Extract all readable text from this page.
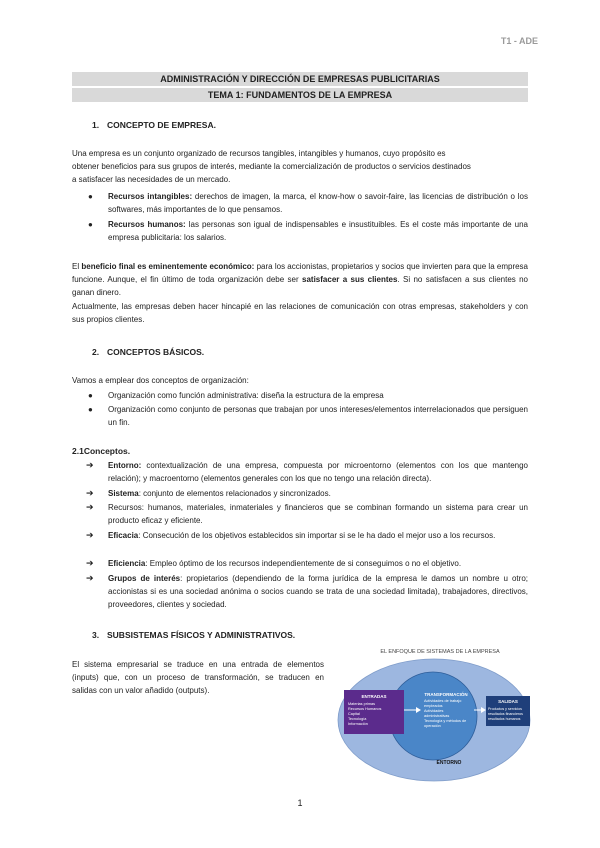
T1 - ADE
ADMINISTRACIÓN Y DIRECCIÓN DE EMPRESAS PUBLICITARIAS
TEMA 1: FUNDAMENTOS DE LA EMPRESA
1. CONCEPTO DE EMPRESA.
Una empresa es un conjunto organizado de recursos tangibles, intangibles y humanos, cuyo propósito es
obtener beneficios para sus grupos de interés, mediante la comercialización de productos o servicios destinados
a satisfacer las necesidades de un mercado.
● Recursos intangibles: derechos de imagen, la marca, el know-how o savoir-faire, las licencias de distribución o los softwares, más importantes de lo que pensamos.
● Recursos humanos: las personas son igual de indispensables e insustituibles. Es el coste más importante de una empresa publicitaria: los salarios.
El beneficio final es eminentemente económico: para los accionistas, propietarios y socios que invierten para que la empresa funcione. Aunque, el fin último de toda organización debe ser satisfacer a sus clientes. Si no satisfacen a sus clientes no ganan dinero.
Actualmente, las empresas deben hacer hincapié en las relaciones de comunicación con otras empresas, stakeholders y con sus propios clientes.
2. CONCEPTOS BÁSICOS.
Vamos a emplear dos conceptos de organización:
● Organización como función administrativa: diseña la estructura de la empresa
● Organización como conjunto de personas que trabajan por unos intereses/elementos interrelacionados que persiguen un fin.
2.1Conceptos.
➔ Entorno: contextualización de una empresa, compuesta por microentorno (elementos con los que mantengo relación); y macroentorno (elementos generales con los que no tengo una relación directa).
➔ Sistema: conjunto de elementos relacionados y sincronizados.
➔ Recursos: humanos, materiales, inmateriales y financieros que se combinan formando un sistema para crear un producto eficaz y eficiente.
➔ Eficacia: Consecución de los objetivos establecidos sin importar si se le ha dado el mejor uso a los recursos.
➔ Eficiencia: Empleo óptimo de los recursos independientemente de si conseguimos o no el objetivo.
➔ Grupos de interés: propietarios (dependiendo de la forma jurídica de la empresa le damos un nombre u otro; accionistas si es una sociedad anónima o socios cuando se trata de una sociedad limitada), trabajadores, directivos, proveedores, clientes y sociedad.
3. SUBSISTEMAS FÍSICOS Y ADMINISTRATIVOS.
El sistema empresarial se traduce en una entrada de elementos (inputs) que, con un proceso de transformación, se traducen en salidas con un valor añadido (outputs).
EL ENFOQUE DE SISTEMAS DE LA EMPRESA
ENTRADAS
Materias primas
Recursos Humanos
Capital
Tecnología
Información
TRANSFORMACIÓN
Actividades de trabajo
empleados
Actividades
administrativas
Tecnología y métodos de
operación
SALIDAS
Productos y servicios
resultados financieros
resultados humanos
ENTORNO
1
